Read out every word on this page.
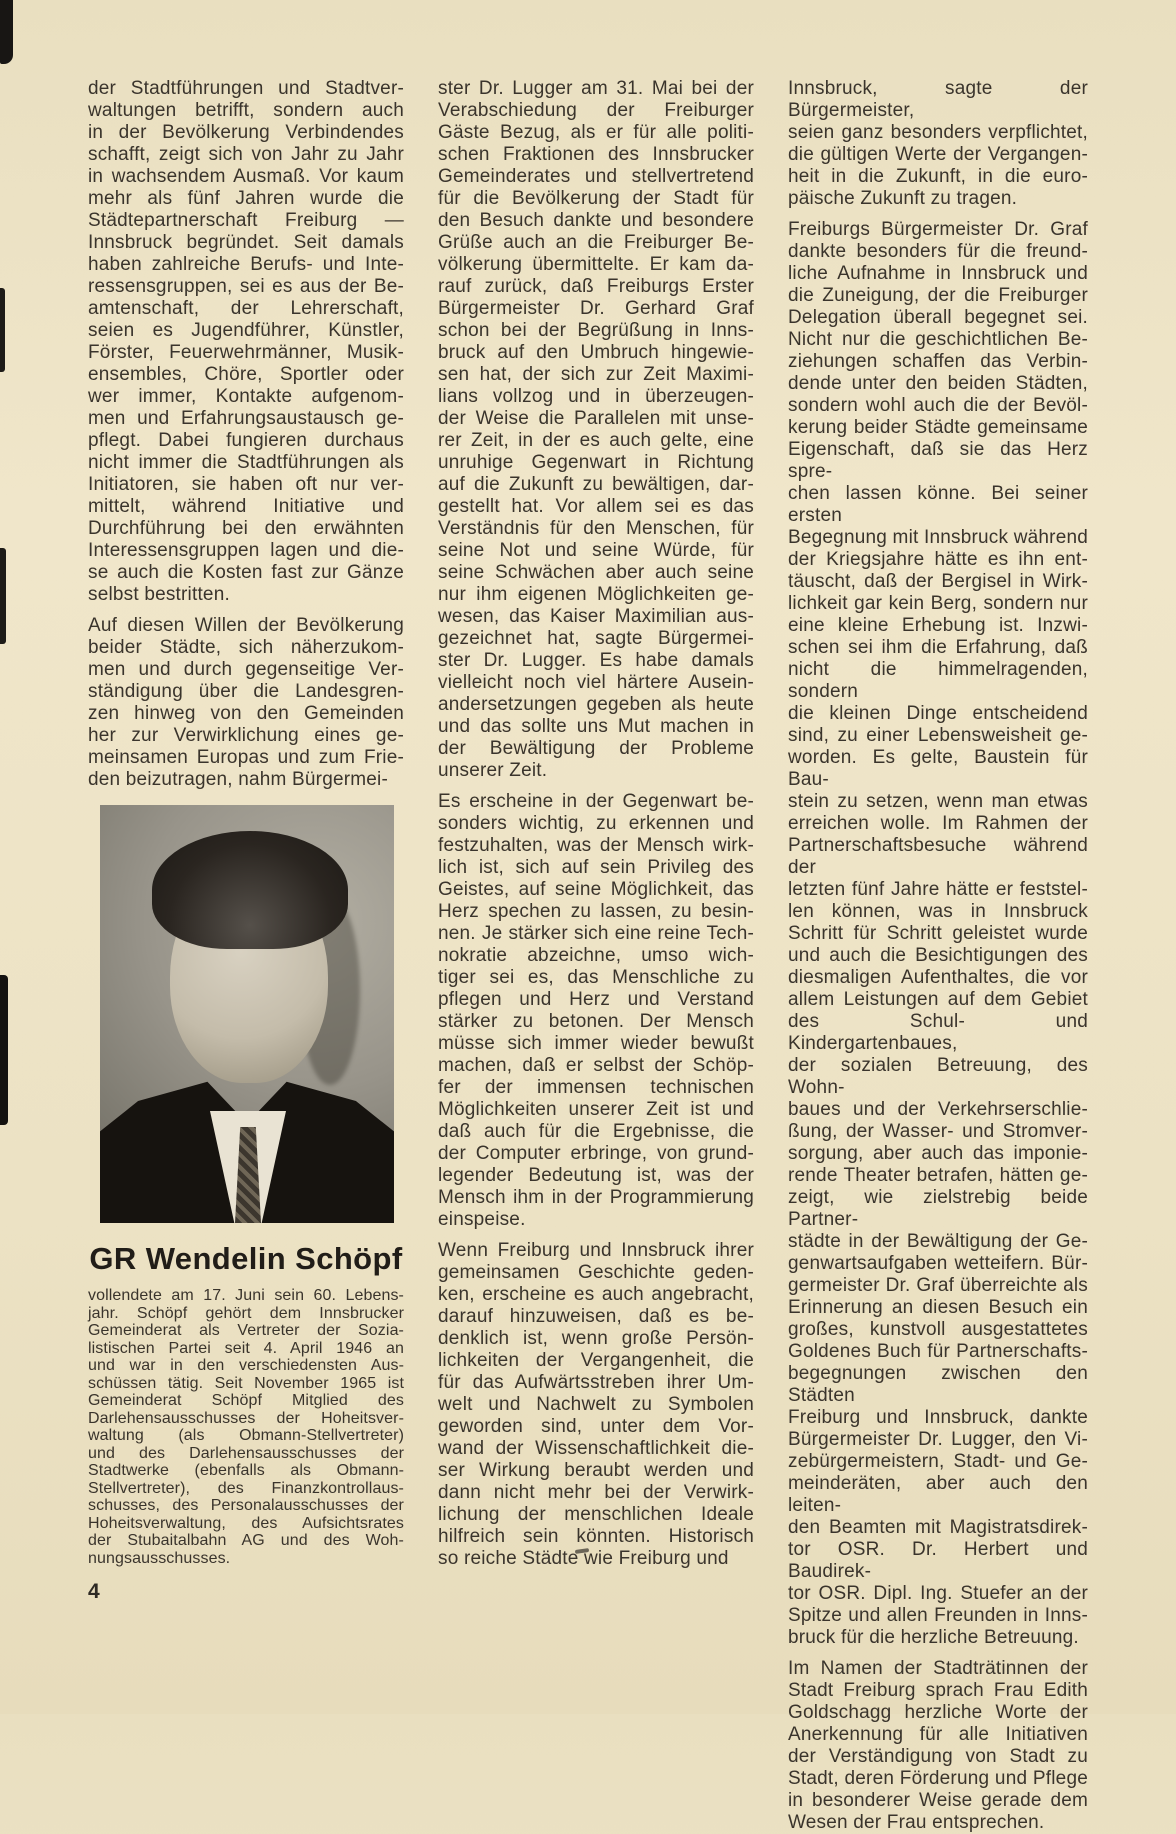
der Stadtführungen und Stadtver-
waltungen betrifft, sondern auch
in der Bevölkerung Verbindendes
schafft, zeigt sich von Jahr zu Jahr
in wachsendem Ausmaß. Vor kaum
mehr als fünf Jahren wurde die
Städtepartnerschaft Freiburg —
Innsbruck begründet. Seit damals
haben zahlreiche Berufs- und Inte-
ressensgruppen, sei es aus der Be-
amtenschaft, der Lehrerschaft,
seien es Jugendführer, Künstler,
Förster, Feuerwehrmänner, Musik-
ensembles, Chöre, Sportler oder
wer immer, Kontakte aufgenom-
men und Erfahrungsaustausch ge-
pflegt. Dabei fungieren durchaus
nicht immer die Stadtführungen als
Initiatoren, sie haben oft nur ver-
mittelt, während Initiative und
Durchführung bei den erwähnten
Interessensgruppen lagen und die-
se auch die Kosten fast zur Gänze
selbst bestritten.
Auf diesen Willen der Bevölkerung
beider Städte, sich näherzukom-
men und durch gegenseitige Ver-
ständigung über die Landesgren-
zen hinweg von den Gemeinden
her zur Verwirklichung eines ge-
meinsamen Europas und zum Frie-
den beizutragen, nahm Bürgermei-
GR Wendelin Schöpf
vollendete am 17. Juni sein 60. Lebens-
jahr. Schöpf gehört dem Innsbrucker
Gemeinderat als Vertreter der Sozia-
listischen Partei seit 4. April 1946 an
und war in den verschiedensten Aus-
schüssen tätig. Seit November 1965 ist
Gemeinderat Schöpf Mitglied des
Darlehensausschusses der Hoheitsver-
waltung (als Obmann-Stellvertreter)
und des Darlehensausschusses der
Stadtwerke (ebenfalls als Obmann-
Stellvertreter), des Finanzkontrollaus-
schusses, des Personalausschusses der
Hoheitsverwaltung, des Aufsichtsrates
der Stubaitalbahn AG und des Woh-
nungsausschusses.
ster Dr. Lugger am 31. Mai bei der
Verabschiedung der Freiburger
Gäste Bezug, als er für alle politi-
schen Fraktionen des Innsbrucker
Gemeinderates und stellvertretend
für die Bevölkerung der Stadt für
den Besuch dankte und besondere
Grüße auch an die Freiburger Be-
völkerung übermittelte. Er kam da-
rauf zurück, daß Freiburgs Erster
Bürgermeister Dr. Gerhard Graf
schon bei der Begrüßung in Inns-
bruck auf den Umbruch hingewie-
sen hat, der sich zur Zeit Maximi-
lians vollzog und in überzeugen-
der Weise die Parallelen mit unse-
rer Zeit, in der es auch gelte, eine
unruhige Gegenwart in Richtung
auf die Zukunft zu bewältigen, dar-
gestellt hat. Vor allem sei es das
Verständnis für den Menschen, für
seine Not und seine Würde, für
seine Schwächen aber auch seine
nur ihm eigenen Möglichkeiten ge-
wesen, das Kaiser Maximilian aus-
gezeichnet hat, sagte Bürgermei-
ster Dr. Lugger. Es habe damals
vielleicht noch viel härtere Ausein-
andersetzungen gegeben als heute
und das sollte uns Mut machen in
der Bewältigung der Probleme
unserer Zeit.
Es erscheine in der Gegenwart be-
sonders wichtig, zu erkennen und
festzuhalten, was der Mensch wirk-
lich ist, sich auf sein Privileg des
Geistes, auf seine Möglichkeit, das
Herz spechen zu lassen, zu besin-
nen. Je stärker sich eine reine Tech-
nokratie abzeichne, umso wich-
tiger sei es, das Menschliche zu
pflegen und Herz und Verstand
stärker zu betonen. Der Mensch
müsse sich immer wieder bewußt
machen, daß er selbst der Schöp-
fer der immensen technischen
Möglichkeiten unserer Zeit ist und
daß auch für die Ergebnisse, die
der Computer erbringe, von grund-
legender Bedeutung ist, was der
Mensch ihm in der Programmierung
einspeise.
Wenn Freiburg und Innsbruck ihrer
gemeinsamen Geschichte geden-
ken, erscheine es auch angebracht,
darauf hinzuweisen, daß es be-
denklich ist, wenn große Persön-
lichkeiten der Vergangenheit, die
für das Aufwärtsstreben ihrer Um-
welt und Nachwelt zu Symbolen
geworden sind, unter dem Vor-
wand der Wissenschaftlichkeit die-
ser Wirkung beraubt werden und
dann nicht mehr bei der Verwirk-
lichung der menschlichen Ideale
hilfreich sein könnten. Historisch
so reiche Städte wie Freiburg und
Innsbruck, sagte der Bürgermeister,
seien ganz besonders verpflichtet,
die gültigen Werte der Vergangen-
heit in die Zukunft, in die euro-
päische Zukunft zu tragen.
Freiburgs Bürgermeister Dr. Graf
dankte besonders für die freund-
liche Aufnahme in Innsbruck und
die Zuneigung, der die Freiburger
Delegation überall begegnet sei.
Nicht nur die geschichtlichen Be-
ziehungen schaffen das Verbin-
dende unter den beiden Städten,
sondern wohl auch die der Bevöl-
kerung beider Städte gemeinsame
Eigenschaft, daß sie das Herz spre-
chen lassen könne. Bei seiner ersten
Begegnung mit Innsbruck während
der Kriegsjahre hätte es ihn ent-
täuscht, daß der Bergisel in Wirk-
lichkeit gar kein Berg, sondern nur
eine kleine Erhebung ist. Inzwi-
schen sei ihm die Erfahrung, daß
nicht die himmelragenden, sondern
die kleinen Dinge entscheidend
sind, zu einer Lebensweisheit ge-
worden. Es gelte, Baustein für Bau-
stein zu setzen, wenn man etwas
erreichen wolle. Im Rahmen der
Partnerschaftsbesuche während der
letzten fünf Jahre hätte er feststel-
len können, was in Innsbruck
Schritt für Schritt geleistet wurde
und auch die Besichtigungen des
diesmaligen Aufenthaltes, die vor
allem Leistungen auf dem Gebiet
des Schul- und Kindergartenbaues,
der sozialen Betreuung, des Wohn-
baues und der Verkehrserschlie-
ßung, der Wasser- und Stromver-
sorgung, aber auch das imponie-
rende Theater betrafen, hätten ge-
zeigt, wie zielstrebig beide Partner-
städte in der Bewältigung der Ge-
genwartsaufgaben wetteifern. Bür-
germeister Dr. Graf überreichte als
Erinnerung an diesen Besuch ein
großes, kunstvoll ausgestattetes
Goldenes Buch für Partnerschafts-
begegnungen zwischen den Städten
Freiburg und Innsbruck, dankte
Bürgermeister Dr. Lugger, den Vi-
zebürgermeistern, Stadt- und Ge-
meinderäten, aber auch den leiten-
den Beamten mit Magistratsdirek-
tor OSR. Dr. Herbert und Baudirek-
tor OSR. Dipl. Ing. Stuefer an der
Spitze und allen Freunden in Inns-
bruck für die herzliche Betreuung.
Im Namen der Stadträtinnen der
Stadt Freiburg sprach Frau Edith
Goldschagg herzliche Worte der
Anerkennung für alle Initiativen
der Verständigung von Stadt zu
Stadt, deren Förderung und Pflege
in besonderer Weise gerade dem
Wesen der Frau entsprechen.
4
